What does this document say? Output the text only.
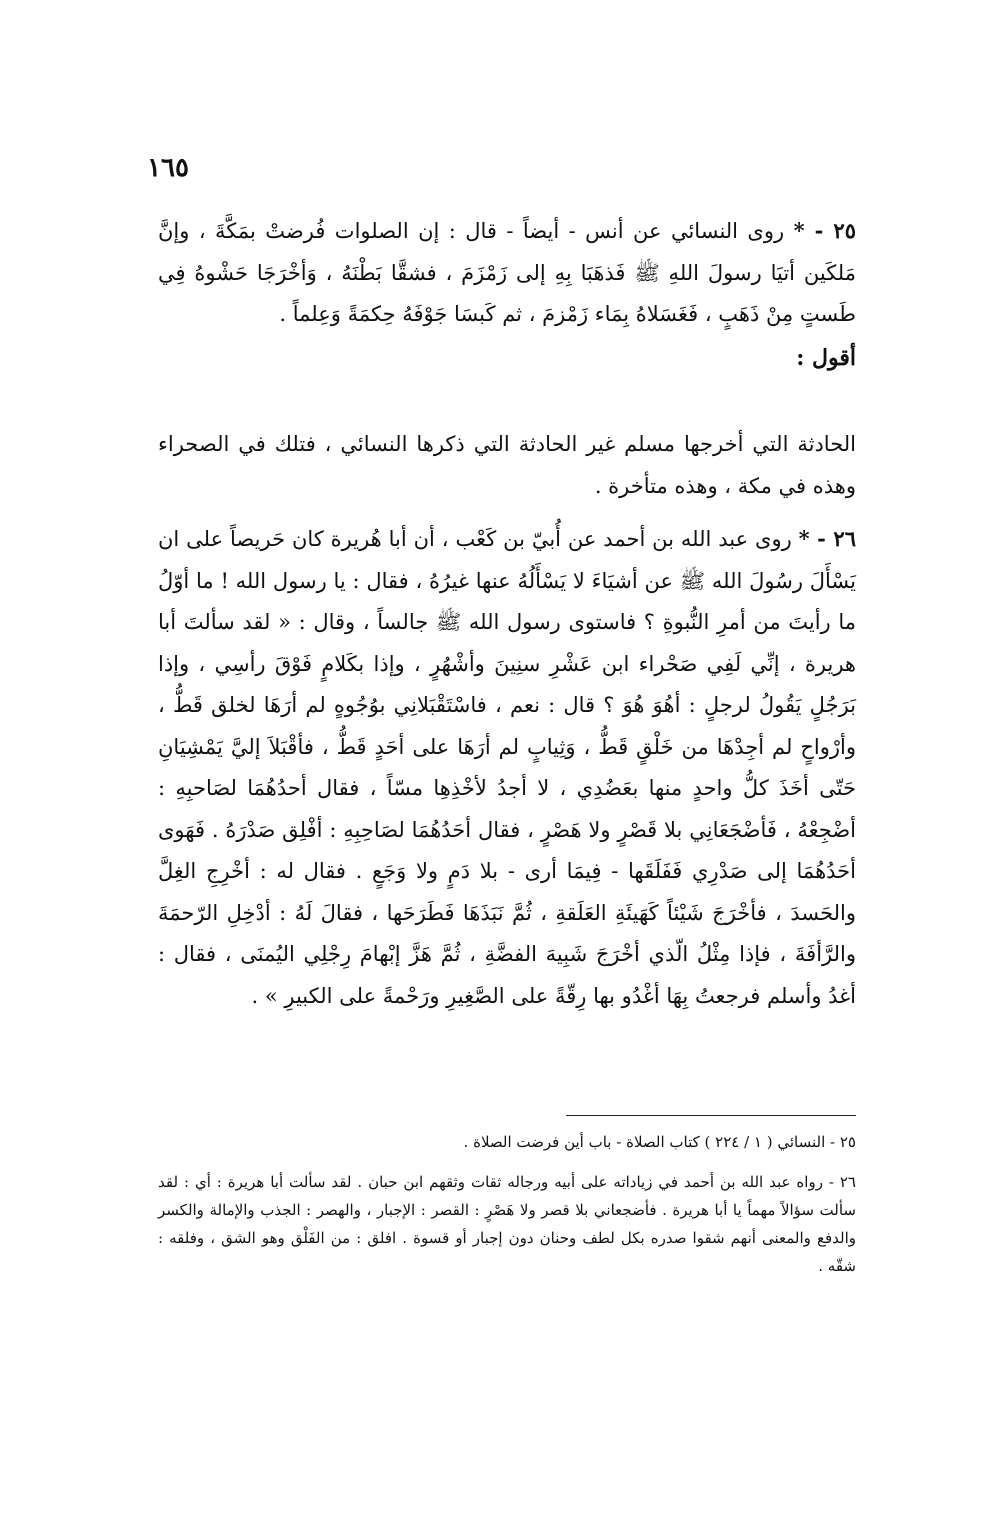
١٦٥
٢٥ - * روى النسائي عن أنس - أيضاً - قال : إن الصلوات فُرضتْ بمَكَّةَ ، وإنَّ مَلكَين أتيَا رسولَ اللهِ ﷺ فَذهَبَا بِهِ إلى زَمْزَمَ ، فشقَّا بَطْنَهُ ، وَأخْرَجَا حَشْوهُ فِي طَستٍ مِنْ ذَهَبٍ ، فَغَسَلاهُ بِمَاء زَمْزمَ ، ثم كَبسَا جَوْفَهُ حِكمَةً وَعِلماً .
أقول :
الحادثة التي أخرجها مسلم غير الحادثة التي ذكرها النسائي ، فتلك في الصحراء وهذه في مكة ، وهذه متأخرة .
٢٦ - * روى عبد الله بن أحمد عن أُبيّ بن كَعْب ، أن أبا هُريرة كان حَريصاً على ان يَسْأَلَ رسُولَ الله ﷺ عن أشيَاءَ لا يَسْأَلُهُ عنها غيرُهُ ، فقال : يا رسول الله ! ما أوّلُ ما رأيتَ من أمرِ النُّبوةِ ؟ فاستوى رسول الله ﷺ جالساً ، وقال : « لقد سألتَ أبا هريرة ، إنِّي لَفِي صَحْراء ابن عَشْرِ سنِينَ وأشْهُرٍ ، وإذا بكَلامٍ فَوْقَ رأسِي ، وإذا بَرَجُلٍ يَقُولُ لرجلٍ : أهُوَ هُوَ ؟ قال : نعم ، فاسْتَقْبَلانِي بوُجُوهٍ لم أرَهَا لخلق قَطُّ ، وأرْواحٍ لم أجِدْهَا من خَلْقٍ قَطُّ ، وَثِيابٍ لم أرَهَا على أحَدٍ قَطُّ ، فأقْبَلاَ إليَّ يَمْشِيَانِ حَتّى أخَذَ كلُّ واحدٍ منها بعَضُدِي ، لا أجدُ لأخْذِهِا مسّاً ، فقال أحدُهُمَا لصَاحبِهِ : أضْجِعْهُ ، فَأضْجَعَانِي بلا قَصْرٍ ولا هَصْرٍ ، فقال أحَدُهُمَا لصَاحِبِهِ : أفْلِق صَدْرَهُ . فَهَوى أحَدُهُمَا إلى صَدْرِي فَفَلَقَها - فِيمَا أرى - بلا دَمٍ ولا وَجَعٍ . فقال له : أخْرِجِ الغِلَّ والحَسدَ ، فأخْرَجَ شَيْئاً كَهَيئَةِ العَلَقةِ ، ثُمَّ نَبَذَهَا فَطَرَحَها ، فقالَ لَهُ : أدْخِلِ الرّحمَةَ والرَّأفَةَ ، فإذا مِثْلُ الّذي أخْرَجَ شَبِيهَ الفضَّةِ ، ثُمَّ هَزَّ إبْهامَ رِجْلِي اليُمنَى ، فقال : أغدُ وأسلم فرجعتُ بِهَا أغْدُو بها رِقّةً على الصَّغِيرِ ورَحْمةً على الكبيرِ » .
٢٥ - النسائي ( ١ / ٢٢٤ ) كتاب الصلاة - باب أين فرضت الصلاة .
٢٦ - رواه عبد الله بن أحمد في زياداته على أبيه ورجاله ثقات وثقهم ابن حبان . لقد سألت أبا هريرة : أي : لقد سألت سؤالاً مهماً يا أبا هريرة . فأضجعاني بلا قصر ولا هَصْرٍ : القصر : الإجبار ، والهصر : الجذب والإمالة والكسر والدفع والمعنى أنهم شقوا صدره بكل لطف وحنان دون إجبار أو قسوة . افلق : من الفَلْق وهو الشق ، وفلقه : شقّه .
